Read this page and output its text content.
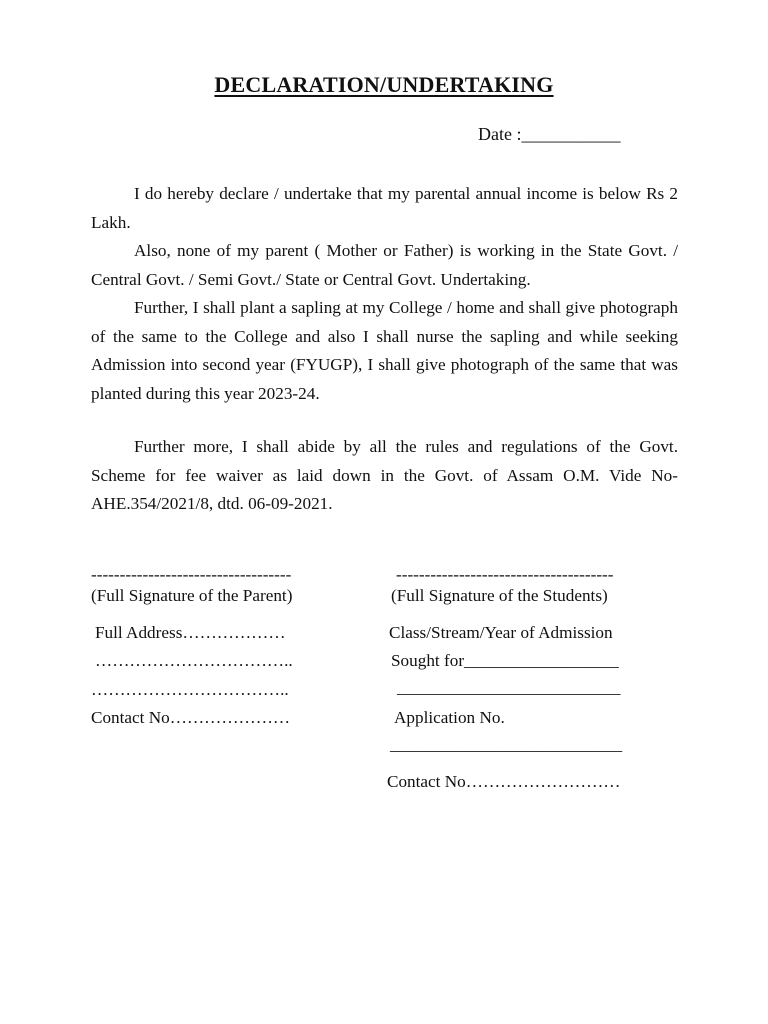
DECLARATION/UNDERTAKING
Date :___________

I do hereby declare / undertake that my parental annual income is below Rs 2 Lakh.

Also, none of my parent ( Mother or Father) is working in the State Govt. / Central Govt. / Semi Govt./ State or Central Govt. Undertaking.

Further, I shall plant a sapling at my College / home and shall give photograph of the same to the College and also I shall nurse the sapling and while seeking Admission into second year (FYUGP), I shall give photograph of the same that was planted during this year 2023-24.

Further more, I shall abide by all the rules and regulations of the Govt. Scheme for fee waiver as laid down in the Govt. of Assam O.M. Vide No-AHE.354/2021/8, dtd. 06-09-2021.

-----------------------------------
(Full Signature of the Parent)
Full Address………………
……………………………..
……………………………..
Contact No…………………
--------------------------------------
(Full Signature of the Students)
Class/Stream/Year of Admission
Sought for__________________
__________________________
Application No.
___________________________
Contact No………………………
